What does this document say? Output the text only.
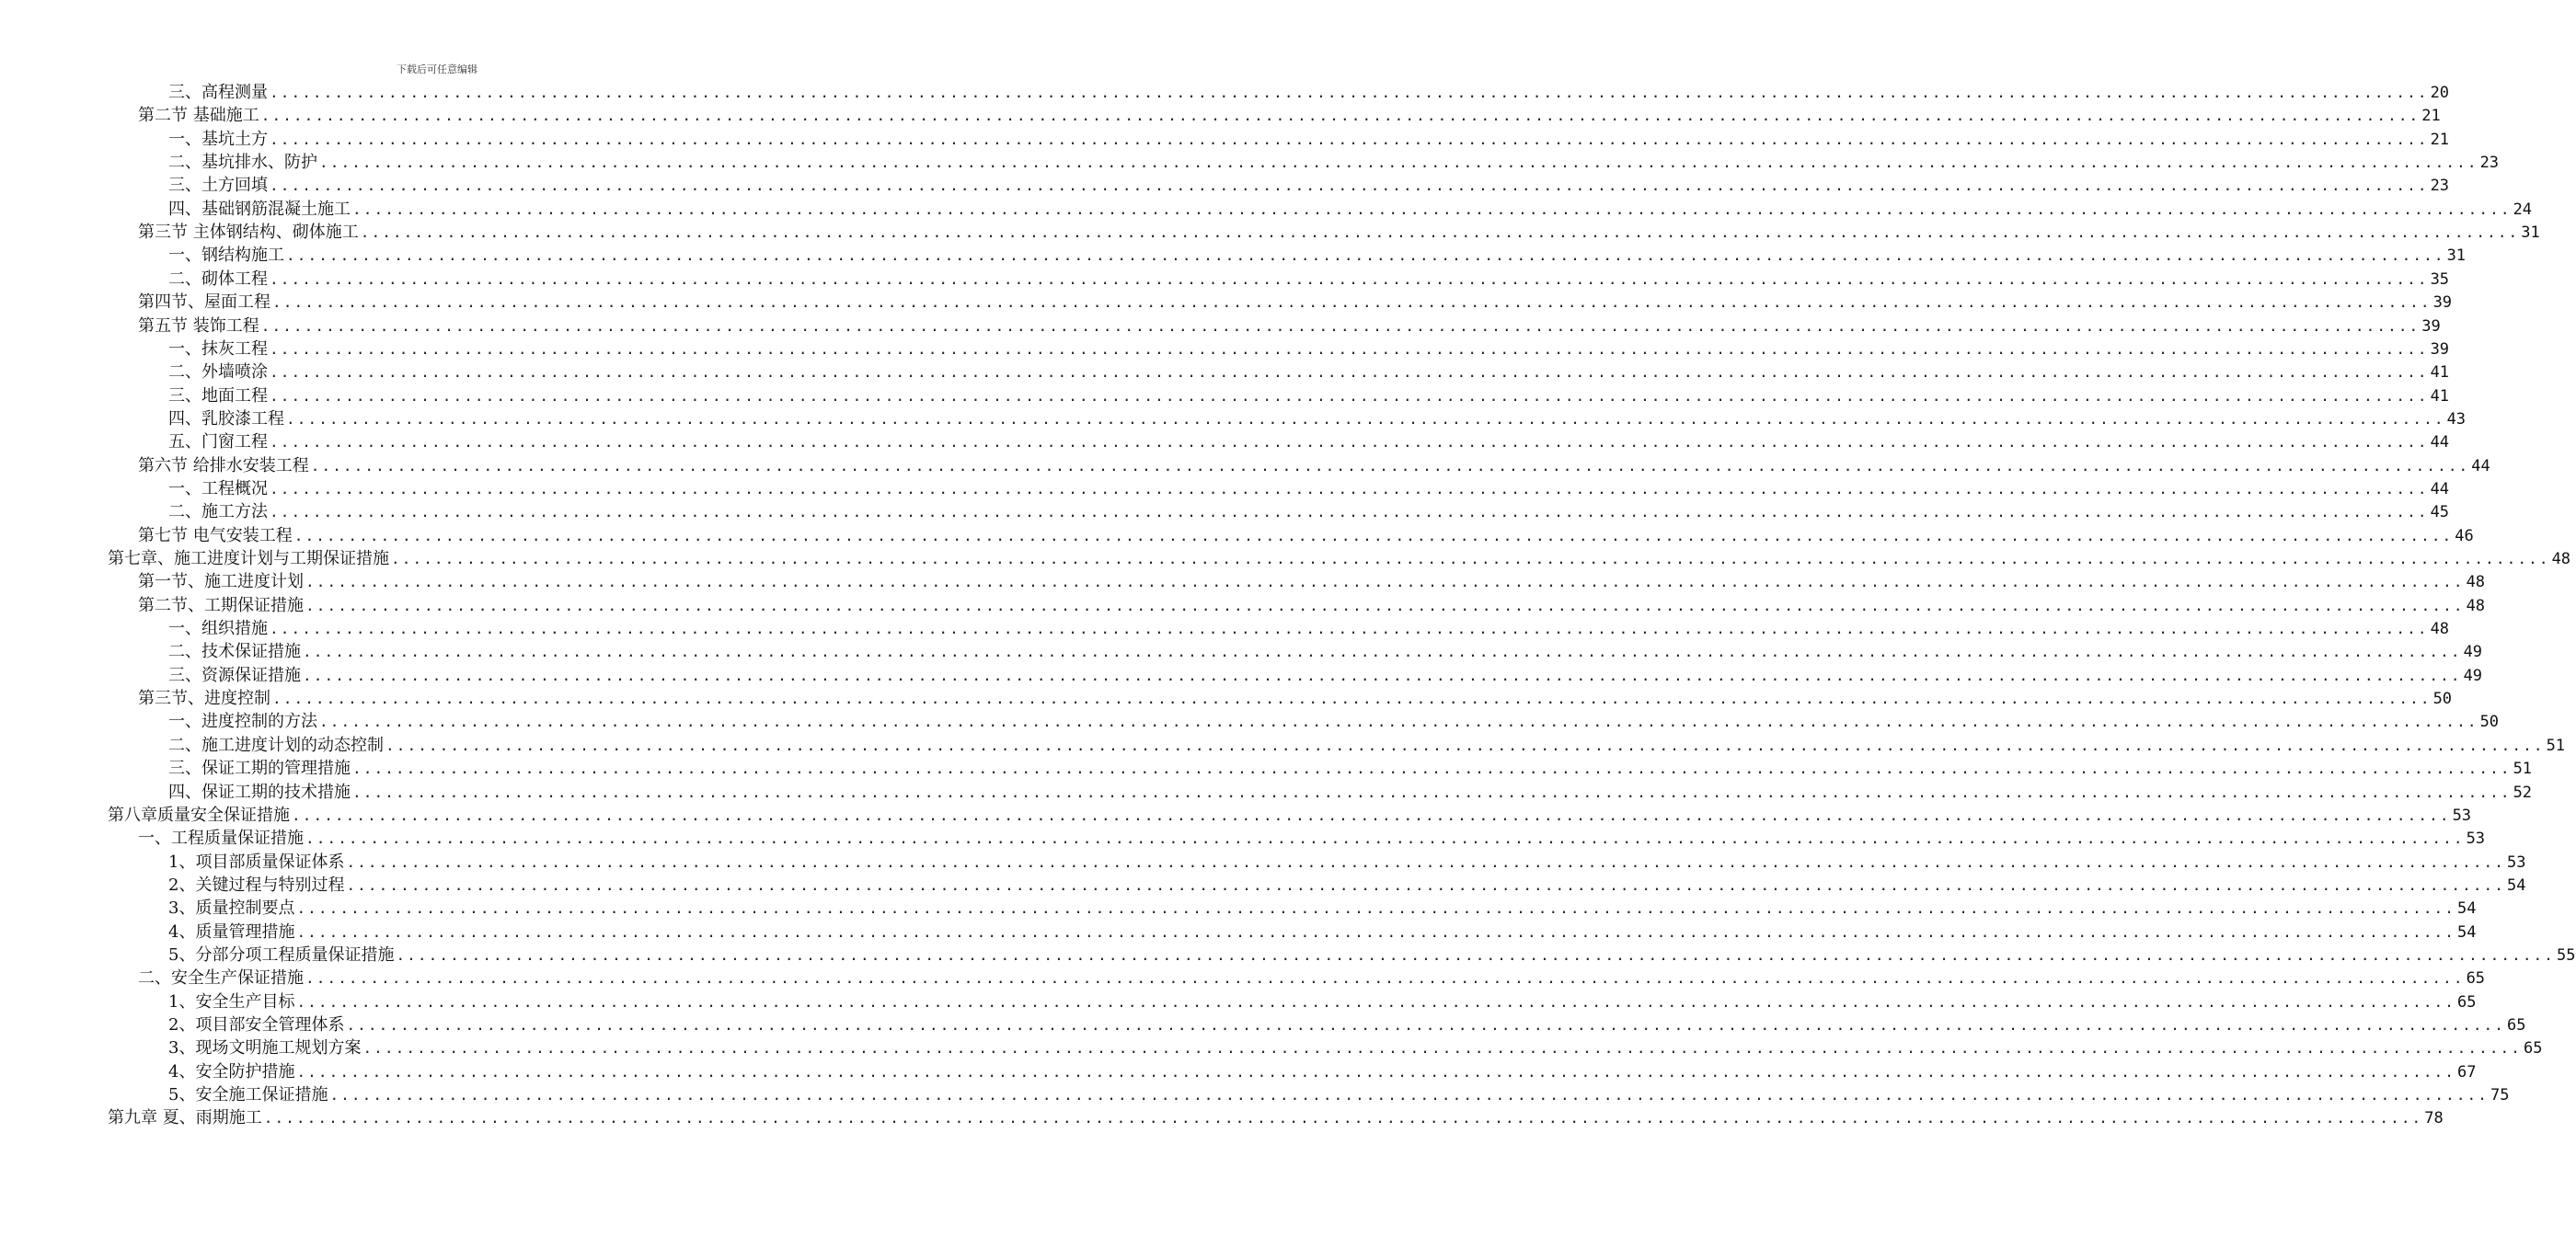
下载后可任意编辑
三、高程测量 ........................................................................................................................................................................................................ 20
第二节 基础施工 ........................................................................................................................................................................................................ 21
一、基坑土方 ........................................................................................................................................................................................................ 21
二、基坑排水、防护 ........................................................................................................................................................................................................ 23
三、土方回填 ........................................................................................................................................................................................................ 23
四、基础钢筋混凝土施工 ........................................................................................................................................................................................................ 24
第三节 主体钢结构、砌体施工 ........................................................................................................................................................................................................ 31
一、钢结构施工 ........................................................................................................................................................................................................ 31
二、砌体工程 ........................................................................................................................................................................................................ 35
第四节、屋面工程 ........................................................................................................................................................................................................ 39
第五节 装饰工程 ........................................................................................................................................................................................................ 39
一、抹灰工程 ........................................................................................................................................................................................................ 39
二、外墙喷涂 ........................................................................................................................................................................................................ 41
三、地面工程 ........................................................................................................................................................................................................ 41
四、乳胶漆工程 ........................................................................................................................................................................................................ 43
五、门窗工程 ........................................................................................................................................................................................................ 44
第六节 给排水安装工程 ........................................................................................................................................................................................................ 44
一、工程概况 ........................................................................................................................................................................................................ 44
二、施工方法 ........................................................................................................................................................................................................ 45
第七节 电气安装工程 ........................................................................................................................................................................................................ 46
第七章、施工进度计划与工期保证措施 ........................................................................................................................................................................................................ 48
第一节、施工进度计划 ........................................................................................................................................................................................................ 48
第二节、工期保证措施 ........................................................................................................................................................................................................ 48
一、组织措施 ........................................................................................................................................................................................................ 48
二、技术保证措施 ........................................................................................................................................................................................................ 49
三、资源保证措施 ........................................................................................................................................................................................................ 49
第三节、进度控制 ........................................................................................................................................................................................................ 50
一、进度控制的方法 ........................................................................................................................................................................................................ 50
二、施工进度计划的动态控制 ........................................................................................................................................................................................................ 51
三、保证工期的管理措施 ........................................................................................................................................................................................................ 51
四、保证工期的技术措施 ........................................................................................................................................................................................................ 52
第八章质量安全保证措施 ........................................................................................................................................................................................................ 53
一、工程质量保证措施 ........................................................................................................................................................................................................ 53
1、项目部质量保证体系 ........................................................................................................................................................................................................ 53
2、关键过程与特别过程 ........................................................................................................................................................................................................ 54
3、质量控制要点 ........................................................................................................................................................................................................ 54
4、质量管理措施 ........................................................................................................................................................................................................ 54
5、分部分项工程质量保证措施 ........................................................................................................................................................................................................ 55
二、安全生产保证措施 ........................................................................................................................................................................................................ 65
1、安全生产目标 ........................................................................................................................................................................................................ 65
2、项目部安全管理体系 ........................................................................................................................................................................................................ 65
3、现场文明施工规划方案 ........................................................................................................................................................................................................ 65
4、安全防护措施 ........................................................................................................................................................................................................ 67
5、安全施工保证措施 ........................................................................................................................................................................................................ 75
第九章 夏、雨期施工 ........................................................................................................................................................................................................ 78
